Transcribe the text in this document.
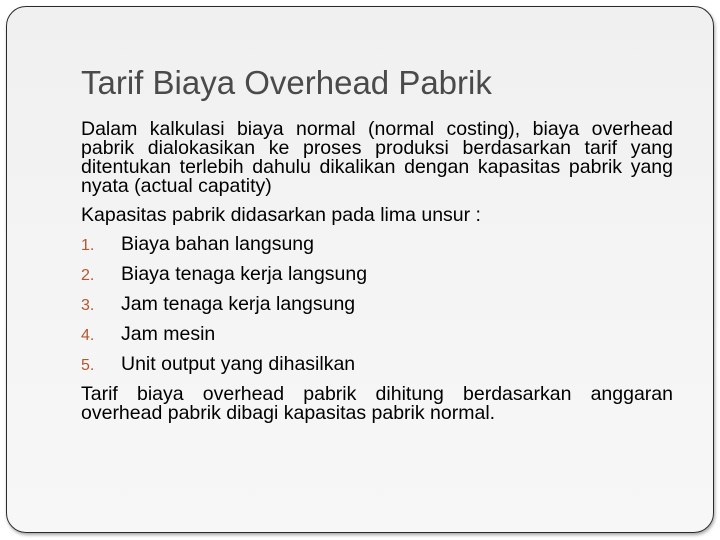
Tarif Biaya Overhead Pabrik

Dalam kalkulasi biaya normal (normal costing), biaya overhead pabrik dialokasikan ke proses produksi berdasarkan tarif yang ditentukan terlebih dahulu dikalikan dengan kapasitas pabrik yang nyata (actual capatity)

Kapasitas pabrik didasarkan pada lima unsur :

1. Biaya bahan langsung
2. Biaya tenaga kerja langsung
3. Jam tenaga kerja langsung
4. Jam mesin
5. Unit output yang dihasilkan

Tarif biaya overhead pabrik dihitung berdasarkan anggaran overhead pabrik dibagi kapasitas pabrik normal.
